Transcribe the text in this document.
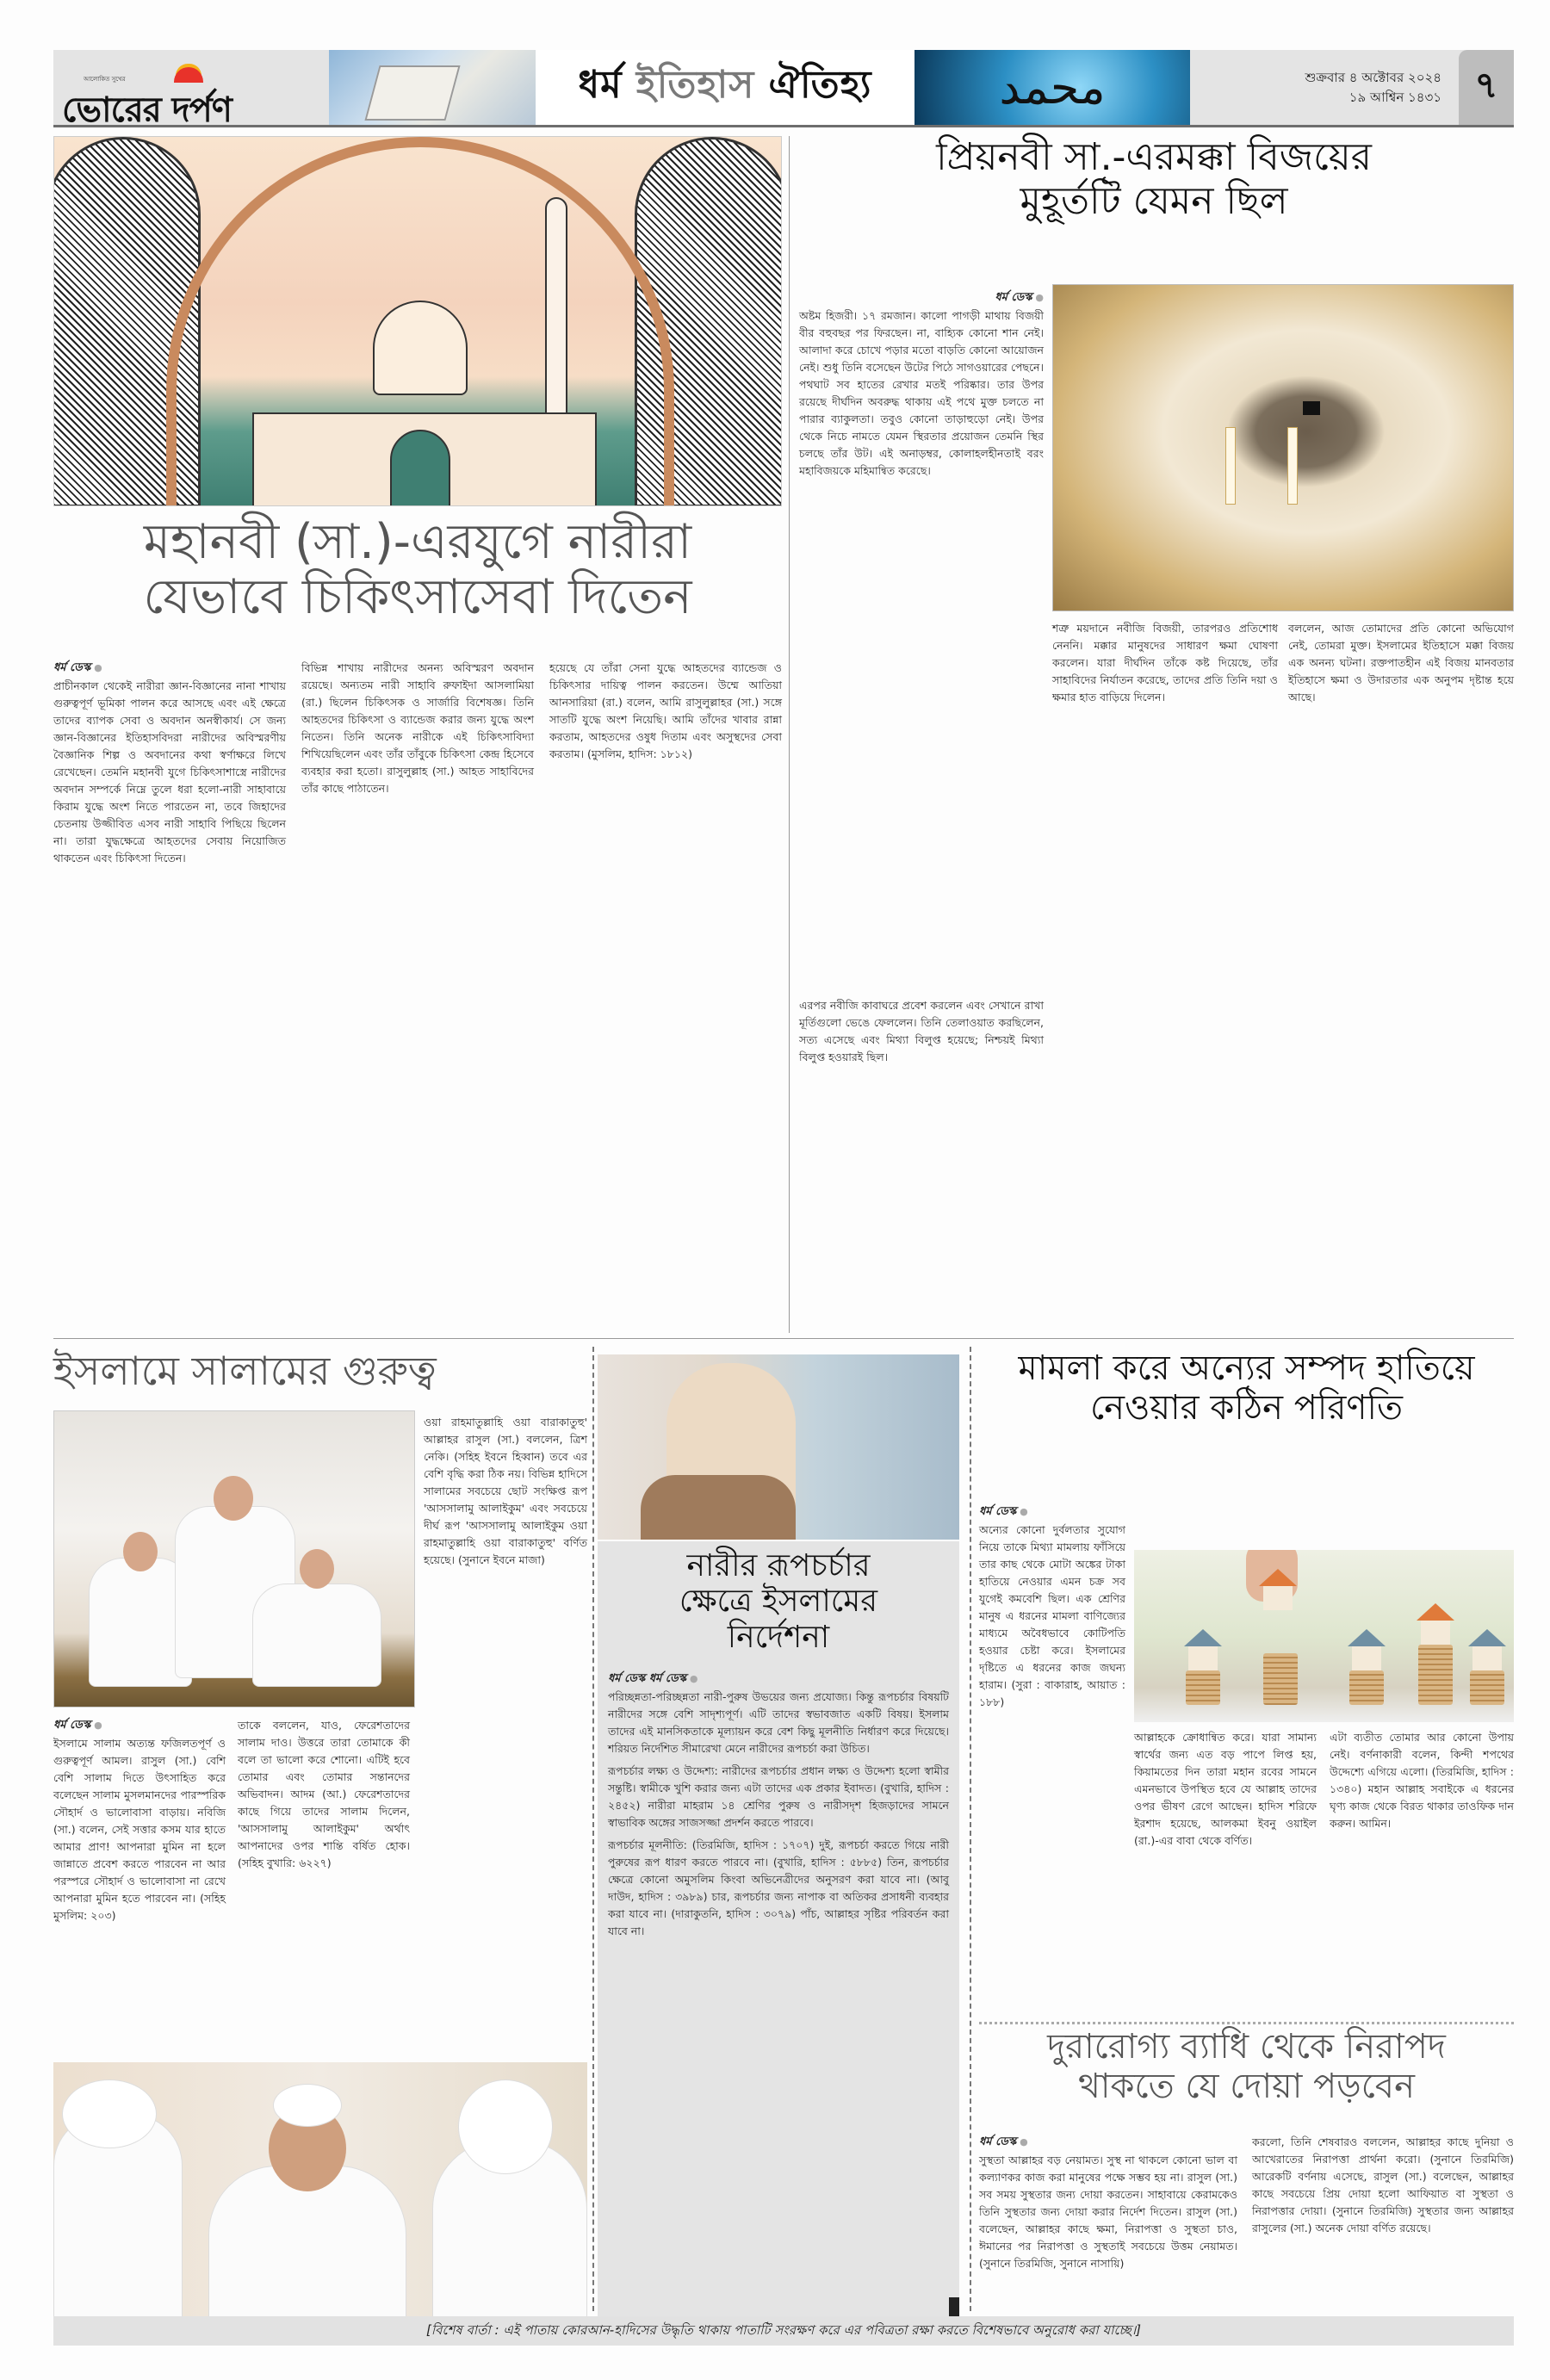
আলোকিত সুখের
ভোরের দর্পণ
ধর্ম ইতিহাস ঐতিহ্য	محمد	শুক্রবার ৪ অক্টোবর ২০২৪
১৯ আশ্বিন ১৪৩১ ৭
মহানবী (সা.)-এরযুগে নারীরা
যেভাবে চিকিৎসাসেবা দিতেন
ধর্ম ডেস্ক ●

প্রাচীনকাল থেকেই নারীরা জ্ঞান-বিজ্ঞানের নানা শাখায় গুরুত্বপূর্ণ ভূমিকা পালন করে আসছে এবং এই ক্ষেত্রে তাদের ব্যাপক সেবা ও অবদান অনস্বীকার্য। সে জন্য জ্ঞান-বিজ্ঞানের ইতিহাসবিদরা নারীদের অবিস্মরণীয় বৈজ্ঞানিক শিল্প ও অবদানের কথা স্বর্ণাক্ষরে লিখে রেখেছেন। তেমনি মহানবী যুগে চিকিৎসাশাস্ত্রে নারীদের অবদান সম্পর্কে নিম্নে তুলে ধরা হলো-নারী সাহাবায়ে কিরাম যুদ্ধে অংশ নিতে পারতেন না, তবে জিহাদের চেতনায় উজ্জীবিত এসব নারী সাহাবি পিছিয়ে ছিলেন না। তারা যুদ্ধক্ষেত্রে আহতদের সেবায় নিয়োজিত থাকতেন এবং চিকিৎসা দিতেন।

বিভিন্ন শাখায় নারীদের অনন্য অবিস্মরণ অবদান রয়েছে। অন্যতম নারী সাহাবি রুফাইদা আসলামিয়া (রা.) ছিলেন চিকিৎসক ও সার্জারি বিশেষজ্ঞ। তিনি আহতদের চিকিৎসা ও ব্যান্ডেজ করার জন্য যুদ্ধে অংশ নিতেন। তিনি অনেক নারীকে এই চিকিৎসাবিদ্যা শিখিয়েছিলেন এবং তাঁর তাঁবুকে চিকিৎসা কেন্দ্র হিসেবে ব্যবহার করা হতো। রাসুলুল্লাহ (সা.) আহত সাহাবিদের তাঁর কাছে পাঠাতেন।

হয়েছে যে তাঁরা সেনা যুদ্ধে আহতদের ব্যান্ডেজ ও চিকিৎসার দায়িত্ব পালন করতেন। উম্মে আতিয়া আনসারিয়া (রা.) বলেন, আমি রাসুলুল্লাহর (সা.) সঙ্গে সাতটি যুদ্ধে অংশ নিয়েছি। আমি তাঁদের খাবার রান্না করতাম, আহতদের ওষুধ দিতাম এবং অসুস্থদের সেবা করতাম। (মুসলিম, হাদিস: ১৮১২)

প্রিয়নবী সা.-এরমক্কা বিজয়ের
মুহূর্তটি যেমন ছিল
ধর্ম ডেস্ক ●

অষ্টম হিজরী। ১৭ রমজান। কালো পাগড়ী মাথায় বিজয়ী বীর বহুবছর পর ফিরছেন। না, বাহ্যিক কোনো শান নেই। আলাদা করে চোখে পড়ার মতো বাড়তি কোনো আয়োজন নেই। শুধু তিনি বসেছেন উটের পিঠে সাগওয়ারের পেছনে। পথঘাট সব হাতের রেখার মতই পরিষ্কার। তার উপর রয়েছে দীর্ঘদিন অবরুদ্ধ থাকায় এই পথে মুক্ত চলতে না পারার ব্যাকুলতা। তবুও কোনো তাড়াহুড়ো নেই। উপর থেকে নিচে নামতে যেমন স্থিরতার প্রয়োজন তেমনি স্থির চলছে তাঁর উট। এই অনাড়ম্বর, কোলাহলহীনতাই বরং মহাবিজয়কে মহিমান্বিত করেছে।

শত্রু ময়দানে নবীজি বিজয়ী, তারপরও প্রতিশোধ নেননি। মক্কার মানুষদের সাধারণ ক্ষমা ঘোষণা করলেন। যারা দীর্ঘদিন তাঁকে কষ্ট দিয়েছে, তাঁর সাহাবিদের নির্যাতন করেছে, তাদের প্রতি তিনি দয়া ও ক্ষমার হাত বাড়িয়ে দিলেন।

বললেন, আজ তোমাদের প্রতি কোনো অভিযোগ নেই, তোমরা মুক্ত। ইসলামের ইতিহাসে মক্কা বিজয় এক অনন্য ঘটনা। রক্তপাতহীন এই বিজয় মানবতার ইতিহাসে ক্ষমা ও উদারতার এক অনুপম দৃষ্টান্ত হয়ে আছে।

এরপর নবীজি কাবাঘরে প্রবেশ করলেন এবং সেখানে রাখা মূর্তিগুলো ভেঙে ফেললেন। তিনি তেলাওয়াত করছিলেন, সত্য এসেছে এবং মিথ্যা বিলুপ্ত হয়েছে; নিশ্চয়ই মিথ্যা বিলুপ্ত হওয়ারই ছিল।

ইসলামে সালামের গুরুত্ব

ওয়া রাহমাতুল্লাহি ওয়া বারাকাতুহু' আল্লাহর রাসুল (সা.) বললেন, ত্রিশ নেকি। (সহিহ ইবনে হিব্বান) তবে এর বেশি বৃদ্ধি করা ঠিক নয়। বিভিন্ন হাদিসে সালামের সবচেয়ে ছোট সংক্ষিপ্ত রূপ 'আসসালামু আলাইকুম' এবং সবচেয়ে দীর্ঘ রূপ 'আসসালামু আলাইকুম ওয়া রাহমাতুল্লাহি ওয়া বারাকাতুহু' বর্ণিত হয়েছে। (সুনানে ইবনে মাজা)

ধর্ম ডেস্ক ●

ইসলামে সালাম অত্যন্ত ফজিলতপূর্ণ ও গুরুত্বপূর্ণ আমল। রাসুল (সা.) বেশি বেশি সালাম দিতে উৎসাহিত করে বলেছেন সালাম মুসলমানদের পারস্পরিক সৌহার্দ ও ভালোবাসা বাড়ায়। নবিজি (সা.) বলেন, সেই সত্তার কসম যার হাতে আমার প্রাণ! আপনারা মুমিন না হলে জান্নাতে প্রবেশ করতে পারবেন না আর পরস্পরে সৌহার্দ ও ভালোবাসা না রেখে আপনারা মুমিন হতে পারবেন না। (সহিহ মুসলিম: ২০৩)

তাকে বললেন, যাও, ফেরেশতাদের সালাম দাও। উত্তরে তারা তোমাকে কী বলে তা ভালো করে শোনো। এটিই হবে তোমার এবং তোমার সন্তানদের অভিবাদন। আদম (আ.) ফেরেশতাদের কাছে গিয়ে তাদের সালাম দিলেন, 'আসসালামু আলাইকুম' অর্থাৎ আপনাদের ওপর শান্তি বর্ষিত হোক। (সহিহ বুখারি: ৬২২৭)

নারীর রূপচর্চার
ক্ষেত্রে ইসলামের
নির্দেশনা
ধর্ম ডেস্ক ধর্ম ডেস্ক ●

পরিচ্ছন্নতা-পরিচ্ছন্নতা নারী-পুরুষ উভয়ের জন্য প্রযোজ্য। কিন্তু রূপচর্চার বিষয়টি নারীদের সঙ্গে বেশি সাদৃশ্যপূর্ণ। এটি তাদের স্বভাবজাত একটি বিষয়। ইসলাম তাদের এই মানসিকতাকে মূল্যায়ন করে বেশ কিছু মূলনীতি নির্ধারণ করে দিয়েছে। শরিয়ত নির্দেশিত সীমারেখা মেনে নারীদের রূপচর্চা করা উচিত।

রূপচর্চার লক্ষ্য ও উদ্দেশ্য: নারীদের রূপচর্চার প্রধান লক্ষ্য ও উদ্দেশ্য হলো স্বামীর সন্তুষ্টি। স্বামীকে খুশি করার জন্য এটা তাদের এক প্রকার ইবাদত। (বুখারি, হাদিস : ২৪৫২) নারীরা মাহরাম ১৪ শ্রেণির পুরুষ ও নারীসদৃশ হিজড়াদের সামনে স্বাভাবিক অঙ্গের সাজসজ্জা প্রদর্শন করতে পারবে।

রূপচর্চার মূলনীতি: (তিরমিজি, হাদিস : ১৭০৭) দুই, রূপচর্চা করতে গিয়ে নারী পুরুষের রূপ ধারণ করতে পারবে না। (বুখারি, হাদিস : ৫৮৮৫) তিন, রূপচর্চার ক্ষেত্রে কোনো অমুসলিম কিংবা অভিনেত্রীদের অনুসরণ করা যাবে না। (আবু দাউদ, হাদিস : ৩৯৮৯) চার, রূপচর্চার জন্য নাপাক বা অতিকর প্রসাধনী ব্যবহার করা যাবে না। (দারাকুতনি, হাদিস : ৩০৭৯) পাঁচ, আল্লাহর সৃষ্টির পরিবর্তন করা যাবে না।

মামলা করে অন্যের সম্পদ হাতিয়ে
নেওয়ার কঠিন পরিণতি
ধর্ম ডেস্ক ●

অন্যের কোনো দুর্বলতার সুযোগ নিয়ে তাকে মিথ্যা মামলায় ফাঁসিয়ে তার কাছ থেকে মোটা অঙ্কের টাকা হাতিয়ে নেওয়ার এমন চক্র সব যুগেই কমবেশি ছিল। এক শ্রেণির মানুষ এ ধরনের মামলা বাণিজ্যের মাধ্যমে অবৈধভাবে কোটিপতি হওয়ার চেষ্টা করে। ইসলামের দৃষ্টিতে এ ধরনের কাজ জঘন্য হারাম। (সুরা : বাকারাহ, আয়াত : ১৮৮)

আল্লাহকে ক্রোধান্বিত করে। যারা সামান্য স্বার্থের জন্য এত বড় পাপে লিপ্ত হয়, কিয়ামতের দিন তারা মহান রবের সামনে এমনভাবে উপস্থিত হবে যে আল্লাহ তাদের ওপর ভীষণ রেগে আছেন। হাদিস শরিফে ইরশাদ হয়েছে, আলকমা ইবনু ওয়াইল (রা.)-এর বাবা থেকে বর্ণিত।

এটা ব্যতীত তোমার আর কোনো উপায় নেই। বর্ণনাকারী বলেন, কিন্দী শপথের উদ্দেশ্যে এগিয়ে এলো। (তিরমিজি, হাদিস : ১৩৪০) মহান আল্লাহ সবাইকে এ ধরনের ঘৃণ্য কাজ থেকে বিরত থাকার তাওফিক দান করুন। আমিন।

দুরারোগ্য ব্যাধি থেকে নিরাপদ
থাকতে যে দোয়া পড়বেন
ধর্ম ডেস্ক ●

সুস্থতা আল্লাহর বড় নেয়ামত। সুস্থ না থাকলে কোনো ভাল বা কল্যাণকর কাজ করা মানুষের পক্ষে সম্ভব হয় না। রাসুল (সা.) সব সময় সুস্থতার জন্য দোয়া করতেন। সাহাবায়ে কেরামকেও তিনি সুস্থতার জন্য দোয়া করার নির্দেশ দিতেন। রাসুল (সা.) বলেছেন, আল্লাহর কাছে ক্ষমা, নিরাপত্তা ও সুস্থতা চাও, ঈমানের পর নিরাপত্তা ও সুস্থতাই সবচেয়ে উত্তম নেয়ামত। (সুনানে তিরমিজি, সুনানে নাসায়ি)

করলো, তিনি শেষবারও বললেন, আল্লাহর কাছে দুনিয়া ও আখেরাতের নিরাপত্তা প্রার্থনা করো। (সুনানে তিরমিজি) আরেকটি বর্ণনায় এসেছে, রাসুল (সা.) বলেছেন, আল্লাহর কাছে সবচেয়ে প্রিয় দোয়া হলো আফিয়াত বা সুস্থতা ও নিরাপত্তার দোয়া। (সুনানে তিরমিজি) সুস্থতার জন্য আল্লাহর রাসুলের (সা.) অনেক দোয়া বর্ণিত রয়েছে।

[বিশেষ বার্তা : এই পাতায় কোরআন-হাদিসের উদ্ধৃতি থাকায় পাতাটি সংরক্ষণ করে এর পবিত্রতা রক্ষা করতে বিশেষভাবে অনুরোধ করা যাচ্ছে।]
